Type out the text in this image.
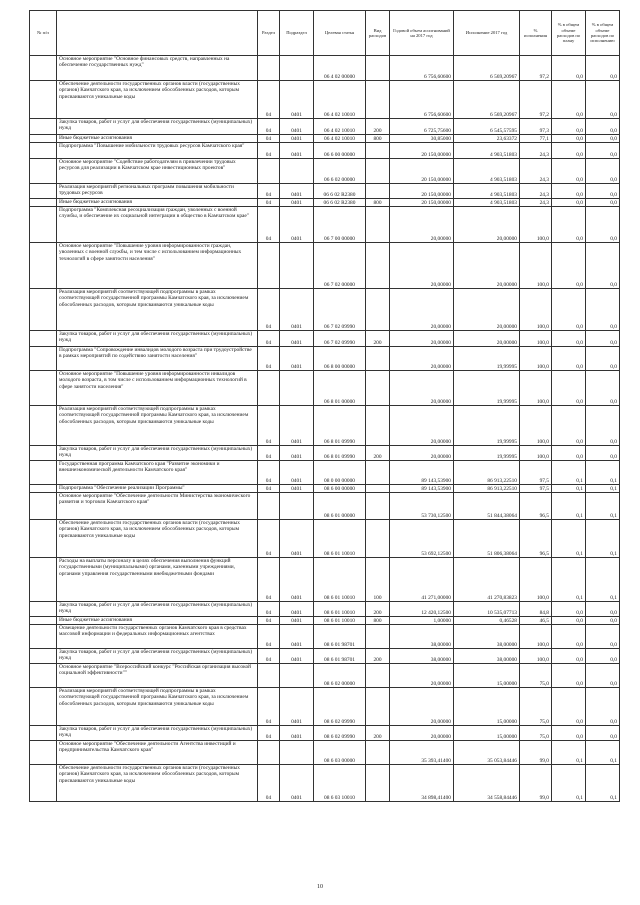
№ п/п		Раздел	Подраздел	Целевая статья	Вид расходов	Годовой объем ассигнований на 2017 год	Исполнение 2017 год	% исполнения	% в общем объеме расходов по плану	% в общем объеме расходов по исполнению
	Основное мероприятие "Основное финансовых средств, направленных на обеспечение государственных нужд"			06 4 02 00000		6 756,60600	6 569,20967	97,2	0,0	0,0
	Обеспечение деятельности государственных органов власти (государственных органов) Камчатского края, за исключением обособленных расходов, которым присваиваются уникальные коды	04	0401	06 4 02 10010		6 756,60600	6 569,20967	97,2	0,0	0,0
	Закупка товаров, работ и услуг для обеспечения государственных (муниципальных) нужд	04	0401	06 4 02 10010	200	6 725,75600	6 545,57595	97,3	0,0	0,0
	Иные бюджетные ассигнования	04	0401	06 4 02 10010	800	30,85000	23,63372	77,1	0,0	0,0
	Подпрограмма "Повышение мобильности трудовых ресурсов Камчатского края"	04	0401	06 6 00 00000		20 150,00000	4 903,51803	24,3	0,0	0,0
	Основное мероприятие "Содействие работодателям в привлечении трудовых ресурсов для реализации в Камчатском крае инвестиционных проектов"			06 6 02 00000		20 150,00000	4 903,51803	24,3	0,0	0,0
	Реализация мероприятий региональных программ повышения мобильности трудовых ресурсов	04	0401	06 6 02 R2380		20 150,00000	4 903,51803	24,3	0,0	0,0
	Иные бюджетные ассигнования	04	0401	06 6 02 R2380	800	20 150,00000	4 903,51803	24,3	0,0	0,0
	Подпрограмма "Комплексная ресоциализация граждан, уволенных с военной службы, и обеспечение их социальной интеграции в общество в Камчатском крае"	04	0401	06 7 00 00000		20,00000	20,00000	100,0	0,0	0,0
	Основное мероприятие "Повышение уровня информированности граждан, уволенных с военной службы, и тем числе с использованием информационных технологий в сфере занятости населения"			06 7 02 00000		20,00000	20,00000	100,0	0,0	0,0
	Реализация мероприятий соответствующей подпрограммы в рамках соответствующей государственной программы Камчатского края, за исключением обособленных расходов, которым присваиваются уникальные коды	04	0401	06 7 02 09990		20,00000	20,00000	100,0	0,0	0,0
	Закупка товаров, работ и услуг для обеспечения государственных (муниципальных) нужд	04	0401	06 7 02 09990	200	20,00000	20,00000	100,0	0,0	0,0
	Подпрограмма "Сопровождение инвалидов молодого возраста при трудоустройстве в рамках мероприятий по содействию занятости населения"	04	0401	06 8 00 00000		20,00000	19,99995	100,0	0,0	0,0
	Основное мероприятие "Повышение уровня информированности инвалидов молодого возраста, в том числе с использованием информационных технологий в сфере занятости населения"			06 8 01 00000		20,00000	19,99995	100,0	0,0	0,0
	Реализация мероприятий соответствующей подпрограммы в рамках соответствующей государственной программы Камчатского края, за исключением обособленных расходов, которым присваиваются уникальные коды	04	0401	06 8 01 09990		20,00000	19,99995	100,0	0,0	0,0
	Закупка товаров, работ и услуг для обеспечения государственных (муниципальных) нужд	04	0401	06 8 01 09990	200	20,00000	19,99995	100,0	0,0	0,0
	Государственная программа Камчатского края "Развитие экономики и внешнеэкономической деятельности Камчатского края"	04	0401	08 0 00 00000		89 143,53900	86 913,22510	97,5	0,1	0,1
	Подпрограмма "Обеспечение реализации Программы"	04	0401	08 6 00 00000		89 143,53900	86 913,22510	97,5	0,1	0,1
	Основное мероприятие "Обеспечение деятельности Министерства экономического развития и торговли Камчатского края"			08 6 01 00000		53 730,12500	51 844,38064	96,5	0,1	0,1
	Обеспечение деятельности государственных органов власти (государственных органов) Камчатского края, за исключением обособленных расходов, которым присваиваются уникальные коды	04	0401	08 6 01 10010		53 692,12500	51 806,38064	96,5	0,1	0,1
	Расходы на выплаты персоналу в целях обеспечения выполнения функций государственными (муниципальными) органами, казенными учреждениями, органами управления государственными внебюджетными фондами	04	0401	08 6 01 10010	100	41 271,00000	41 270,83823	100,0	0,1	0,1
	Закупка товаров, работ и услуг для обеспечения государственных (муниципальных) нужд	04	0401	08 6 01 10010	200	12 420,12500	10 535,07713	84,8	0,0	0,0
	Иные бюджетные ассигнования	04	0401	08 6 01 10010	800	1,00000	0,46528	46,5	0,0	0,0
	Освещение деятельности государственных органов Камчатского края в средствах массовой информации и федеральных информационных агентствах	04	0401	08 6 01 98701		38,00000	38,00000	100,0	0,0	0,0
	Закупка товаров, работ и услуг для обеспечения государственных (муниципальных) нужд	04	0401	08 6 01 98701	200	38,00000	38,00000	100,0	0,0	0,0
	Основное мероприятие "Всероссийский конкурс "Российская организация высокой социальной эффективности""			08 6 02 00000		20,00000	15,00000	75,0	0,0	0,0
	Реализация мероприятий соответствующей подпрограммы в рамках соответствующей государственной программы Камчатского края, за исключением обособленных расходов, которым присваиваются уникальные коды	04	0401	08 6 02 09990		20,00000	15,00000	75,0	0,0	0,0
	Закупка товаров, работ и услуг для обеспечения государственных (муниципальных) нужд	04	0401	08 6 02 09990	200	20,00000	15,00000	75,0	0,0	0,0
	Основное мероприятие "Обеспечение деятельности Агентства инвестиций и предпринимательства Камчатского края"			08 6 03 00000		35 393,41400	35 053,84446	99,0	0,1	0,1
	Обеспечение деятельности государственных органов власти (государственных органов) Камчатского края, за исключением обособленных расходов, которым присваиваются уникальные коды	04	0401	08 6 03 10010		34 898,41400	34 558,84446	99,0	0,1	0,1
10
